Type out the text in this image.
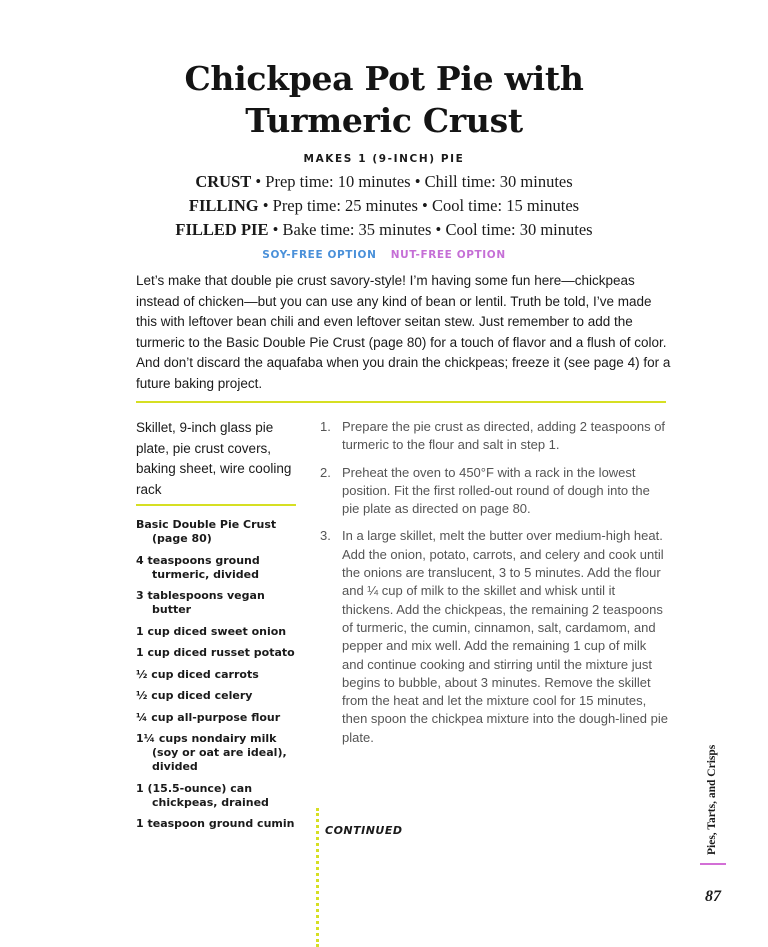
Chickpea Pot Pie with
Turmeric Crust
MAKES 1 (9-INCH) PIE
CRUST • Prep time: 10 minutes • Chill time: 30 minutes
FILLING • Prep time: 25 minutes • Cool time: 15 minutes
FILLED PIE • Bake time: 35 minutes • Cool time: 30 minutes
SOY-FREE OPTION NUT-FREE OPTION
Let’s make that double pie crust savory-style! I’m having some fun here—chickpeas instead of chicken—but you can use any kind of bean or lentil. Truth be told, I’ve made this with leftover bean chili and even leftover seitan stew. Just remember to add the turmeric to the Basic Double Pie Crust (page 80) for a touch of flavor and a flush of color. And don’t discard the aquafaba when you drain the chickpeas; freeze it (see page 4) for a future baking project.
Skillet, 9-inch glass pie plate, pie crust covers, baking sheet, wire cooling rack
Basic Double Pie Crust (page 80)
4 teaspoons ground turmeric, divided
3 tablespoons vegan butter
1 cup diced sweet onion
1 cup diced russet potato
½ cup diced carrots
½ cup diced celery
¼ cup all-purpose flour
1¼ cups nondairy milk (soy or oat are ideal), divided
1 (15.5-ounce) can chickpeas, drained
1 teaspoon ground cumin
1. Prepare the pie crust as directed, adding 2 teaspoons of turmeric to the flour and salt in step 1.
2. Preheat the oven to 450°F with a rack in the lowest position. Fit the first rolled-out round of dough into the pie plate as directed on page 80.
3. In a large skillet, melt the butter over medium-high heat. Add the onion, potato, carrots, and celery and cook until the onions are translucent, 3 to 5 minutes. Add the flour and ¼ cup of milk to the skillet and whisk until it thickens. Add the chickpeas, the remaining 2 teaspoons of turmeric, the cumin, cinnamon, salt, cardamom, and pepper and mix well. Add the remaining 1 cup of milk and continue cooking and stirring until the mixture just begins to bubble, about 3 minutes. Remove the skillet from the heat and let the mixture cool for 15 minutes, then spoon the chickpea mixture into the dough-lined pie plate.
CONTINUED	Pies, Tarts, and Crisps
87
